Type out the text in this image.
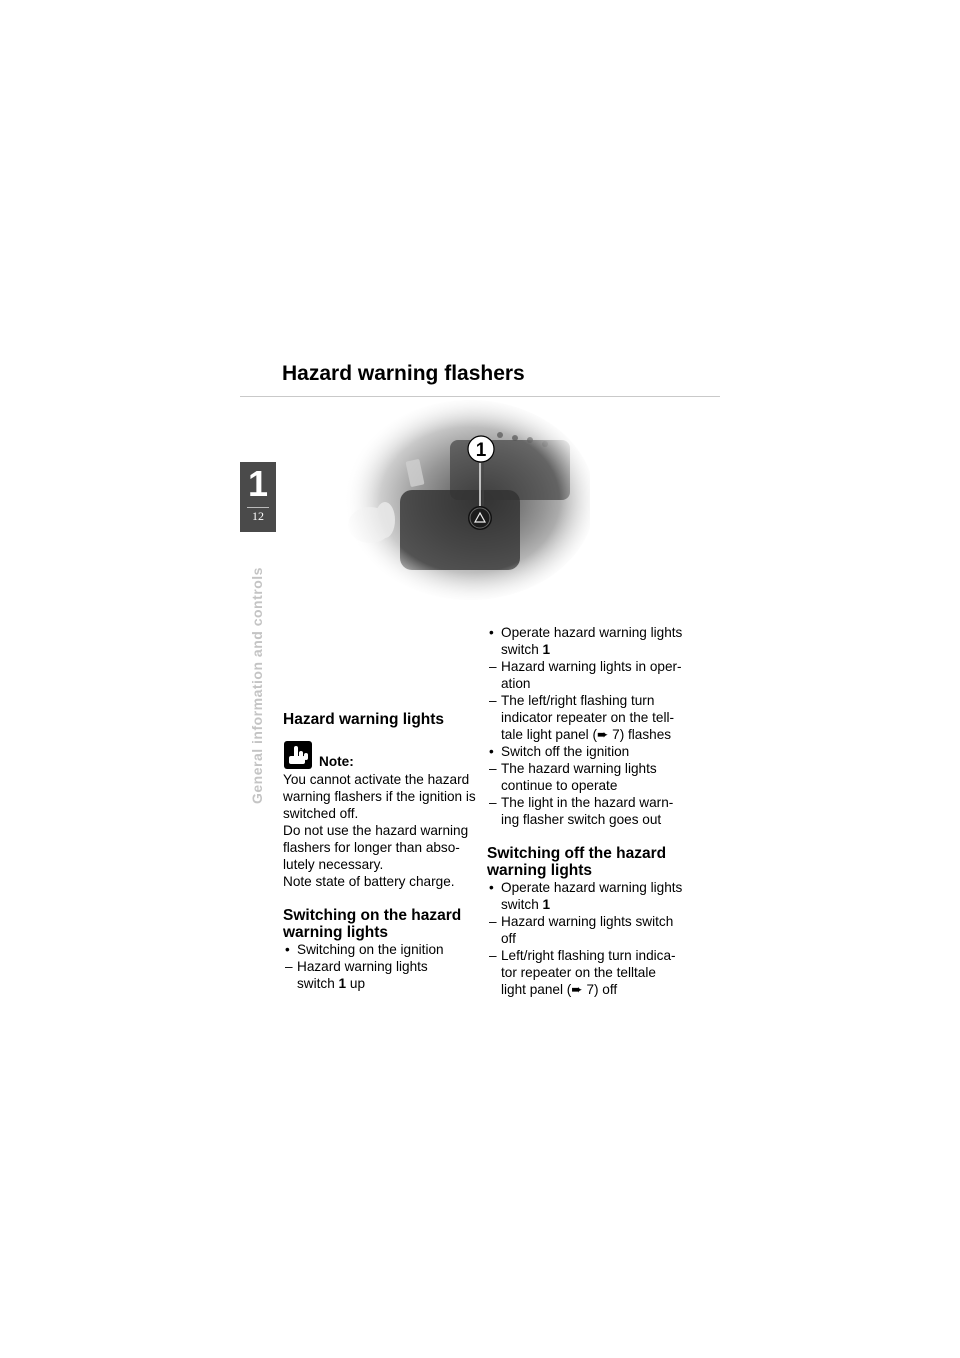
Hazard warning flashers
1
12
General information and controls Hazard warning lights
Note:

You cannot activate the hazard

warning flashers if the ignition is

switched off.

Do not use the hazard warning

flashers for longer than abso-

lutely necessary.

Note state of battery charge.

Switching on the hazard
warning lights
• Switching on the ignition

– Hazard warning lights

switch 1 up
• Operate hazard warning lights

switch 1

– Hazard warning lights in oper-

ation

– The left/right flashing turn

indicator repeater on the tell-

tale light panel (➨ 7) flashes

• Switch off the ignition

– The hazard warning lights

continue to operate

– The light in the hazard warn-

ing flasher switch goes out

Switching off the hazard
warning lights
• Operate hazard warning lights

switch 1

– Hazard warning lights switch

off

– Left/right flashing turn indica-

tor repeater on the telltale

light panel (➨ 7) off
